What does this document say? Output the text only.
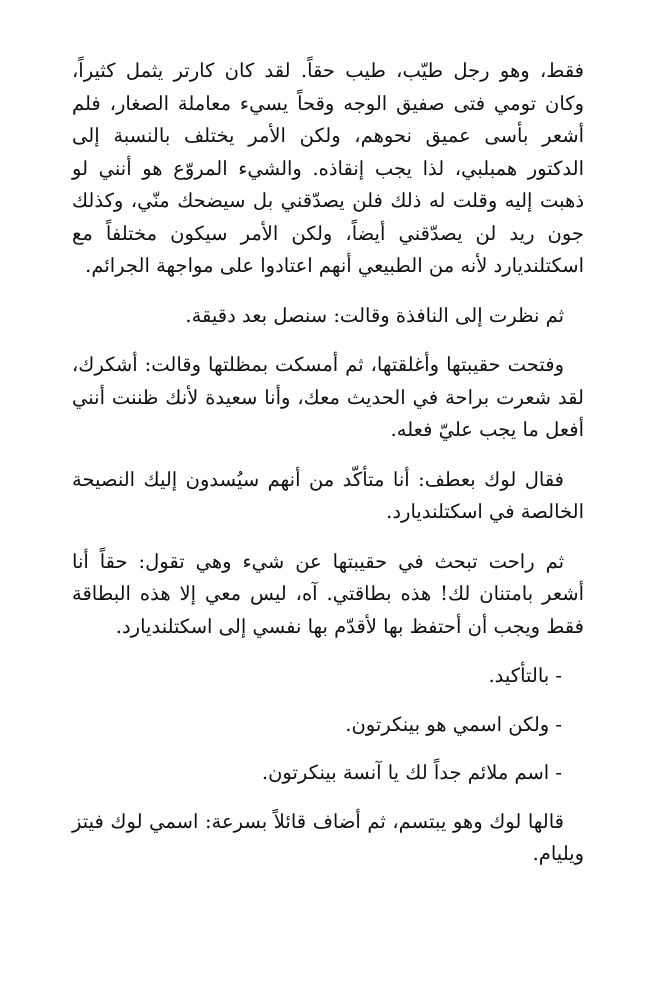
فقط، وهو رجل طيّب، طيب حقاً. لقد كان كارتر يثمل كثيراً، وكان تومي فتى صفيق الوجه وقحاً يسيء معاملة الصغار، فلم أشعر بأسى عميق نحوهم، ولكن الأمر يختلف بالنسبة إلى الدكتور همبلبي، لذا يجب إنقاذه. والشيء المروّع هو أنني لو ذهبت إليه وقلت له ذلك فلن يصدّقني بل سيضحك منّي، وكذلك جون ريد لن يصدّقني أيضاً، ولكن الأمر سيكون مختلفاً مع اسكتلنديارد لأنه من الطبيعي أنهم اعتادوا على مواجهة الجرائم.

ثم نظرت إلى النافذة وقالت: سنصل بعد دقيقة.

وفتحت حقيبتها وأغلقتها، ثم أمسكت بمظلتها وقالت: أشكرك، لقد شعرت براحة في الحديث معك، وأنا سعيدة لأنك ظننت أنني أفعل ما يجب عليّ فعله.

فقال لوك بعطف: أنا متأكّد من أنهم سيُسدون إليك النصيحة الخالصة في اسكتلنديارد.

ثم راحت تبحث في حقيبتها عن شيء وهي تقول: حقاً أنا أشعر بامتنان لك! هذه بطاقتي. آه، ليس معي إلا هذه البطاقة فقط ويجب أن أحتفظ بها لأقدّم بها نفسي إلى اسكتلنديارد.

- بالتأكيد.

- ولكن اسمي هو بينكرتون.

- اسم ملائم جداً لك يا آنسة بينكرتون.

قالها لوك وهو يبتسم، ثم أضاف قائلاً بسرعة: اسمي لوك فيتز ويليام.
